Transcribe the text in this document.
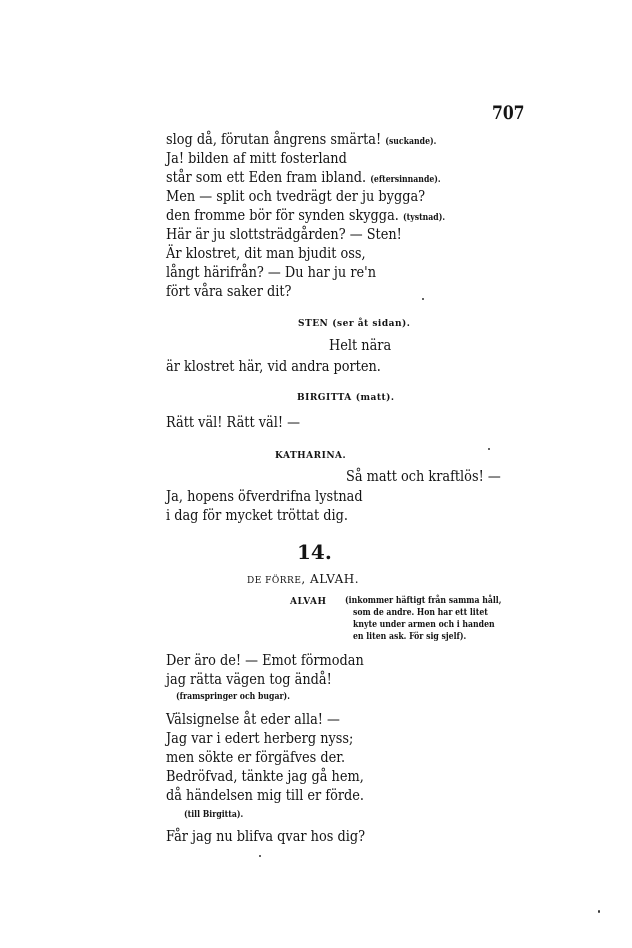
707
slog då, förutan ångrens smärta! (suckande).
Ja! bilden af mitt fosterland
står som ett Eden fram ibland. (eftersinnande).
Men — split och tvedrägt der ju bygga?
den fromme bör för synden skygga. (tystnad).
Här är ju slottsträdgården? — Sten!
Är klostret, dit man bjudit oss,
långt härifrån? — Du har ju re'n
fört våra saker dit?
STEN (ser åt sidan).
Helt nära
är klostret här, vid andra porten.
BIRGITTA (matt).
Rätt väl! Rätt väl! —
KATHARINA.
Så matt och kraftlös! —
Ja, hopens öfverdrifna lystnad
i dag för mycket tröttat dig.
14.
DE FÖRRE, ALVAH.
ALVAH (inkommer häftigt från samma håll,
som de andre. Hon har ett litet
knyte under armen och i handen
en liten ask. För sig sjelf).
Der äro de! — Emot förmodan
jag rätta vägen tog ändå!
(framspringer och bugar).
Välsignelse åt eder alla! —
Jag var i edert herberg nyss;
men sökte er förgäfves der.
Bedröfvad, tänkte jag gå hem,
då händelsen mig till er förde.
(till Birgitta).
Får jag nu blifva qvar hos dig?
